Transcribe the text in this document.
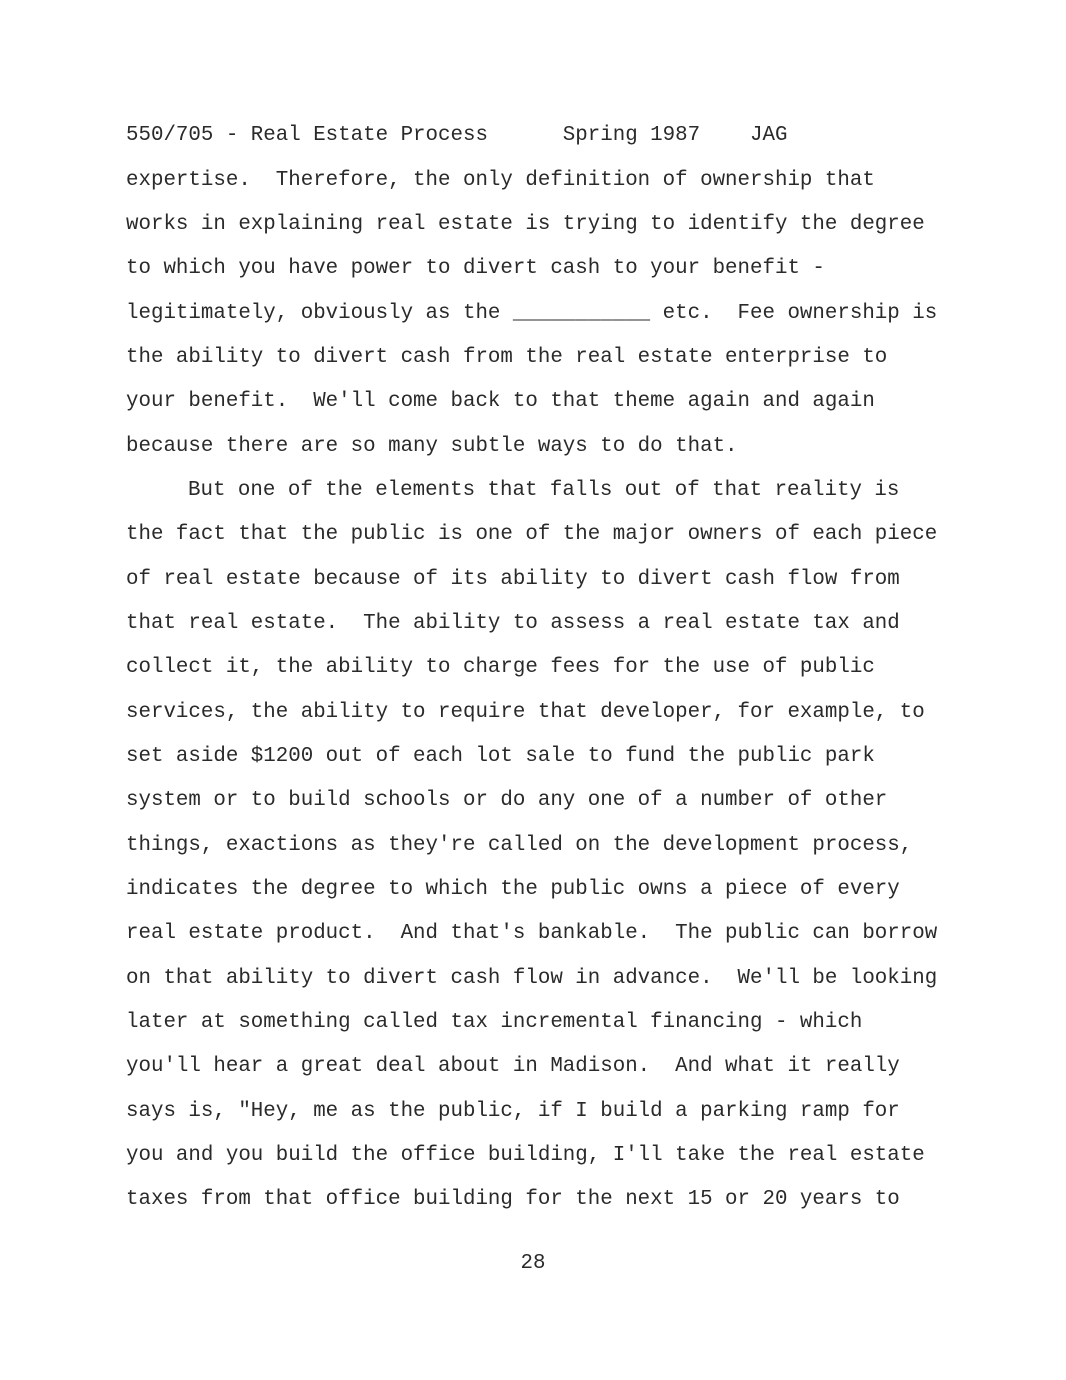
550/705 - Real Estate Process      Spring 1987    JAG
expertise.  Therefore, the only definition of ownership that
works in explaining real estate is trying to identify the degree
to which you have power to divert cash to your benefit -
legitimately, obviously as the ___________ etc.  Fee ownership is
the ability to divert cash from the real estate enterprise to
your benefit.  We'll come back to that theme again and again
because there are so many subtle ways to do that.
But one of the elements that falls out of that reality is
the fact that the public is one of the major owners of each piece
of real estate because of its ability to divert cash flow from
that real estate.  The ability to assess a real estate tax and
collect it, the ability to charge fees for the use of public
services, the ability to require that developer, for example, to
set aside $1200 out of each lot sale to fund the public park
system or to build schools or do any one of a number of other
things, exactions as they're called on the development process,
indicates the degree to which the public owns a piece of every
real estate product.  And that's bankable.  The public can borrow
on that ability to divert cash flow in advance.  We'll be looking
later at something called tax incremental financing - which
you'll hear a great deal about in Madison.  And what it really
says is, "Hey, me as the public, if I build a parking ramp for
you and you build the office building, I'll take the real estate
taxes from that office building for the next 15 or 20 years to
28
